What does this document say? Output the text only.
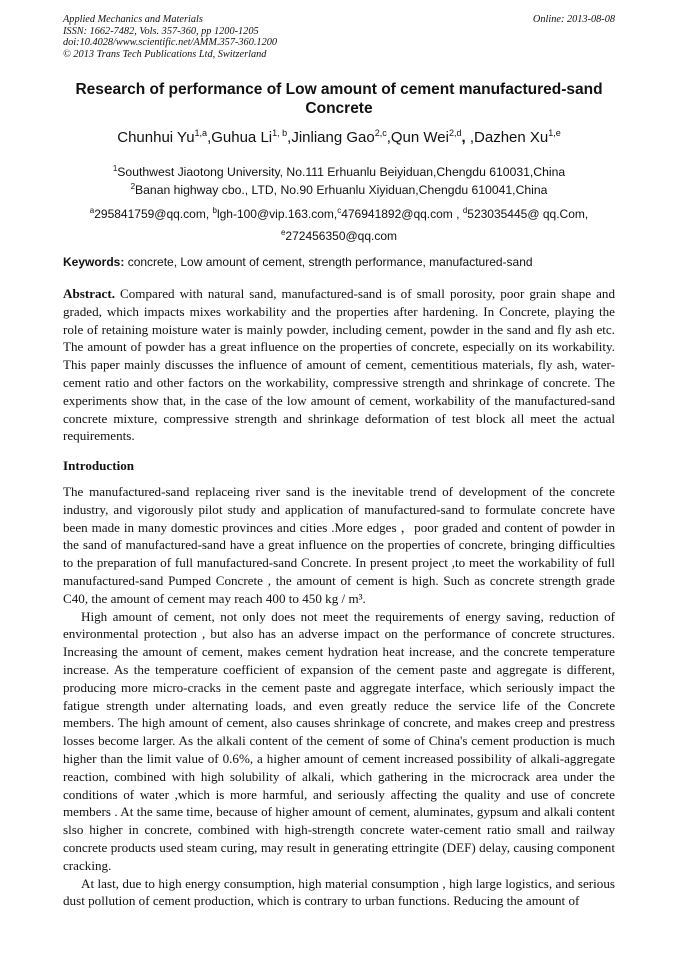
Applied Mechanics and Materials
ISSN: 1662-7482, Vols. 357-360, pp 1200-1205
doi:10.4028/www.scientific.net/AMM.357-360.1200
© 2013 Trans Tech Publications Ltd, Switzerland
Online: 2013-08-08
Research of performance of Low amount of cement manufactured-sand Concrete
Chunhui Yu$^{1,a}$,Guhua Li$^{1, b}$,Jinliang Gao$^{2,c}$,Qun Wei$^{2,d}$, ,Dazhen Xu$^{1,e}$
$^1$Southwest Jiaotong University, No.111 Erhuanlu Beiyiduan,Chengdu 610031,China
$^2$Banan highway cbo., LTD, No.90 Erhuanlu Xiyiduan,Chengdu 610041,China
$^a$295841759@qq.com, $^b$lgh-100@vip.163.com,$^c$476941892@qq.com , $^d$523035445@ qq.Com,
$^e$272456350@qq.com
Keywords: concrete, Low amount of cement, strength performance, manufactured-sand

Abstract. Compared with natural sand, manufactured-sand is of small porosity, poor grain shape and graded, which impacts mixes workability and the properties after hardening. In Concrete, playing the role of retaining moisture water is mainly powder, including cement, powder in the sand and fly ash etc. The amount of powder has a great influence on the properties of concrete, especially on its workability. This paper mainly discusses the influence of amount of cement, cementitious materials, fly ash, water-cement ratio and other factors on the workability, compressive strength and shrinkage of concrete. The experiments show that, in the case of the low amount of cement, workability of the manufactured-sand concrete mixture, compressive strength and shrinkage deformation of test block all meet the actual requirements.

Introduction

The manufactured-sand replaceing river sand is the inevitable trend of development of the concrete industry, and vigorously pilot study and application of manufactured-sand to formulate concrete have been made in many domestic provinces and cities .More edges ，poor graded and content of powder in the sand of manufactured-sand have a great influence on the properties of concrete, bringing difficulties to the preparation of full manufactured-sand Concrete. In present project ,to meet the workability of full manufactured-sand Pumped Concrete , the amount of cement is high. Such as concrete strength grade C40, the amount of cement may reach 400 to 450 kg / m³.

High amount of cement, not only does not meet the requirements of energy saving, reduction of environmental protection , but also has an adverse impact on the performance of concrete structures. Increasing the amount of cement, makes cement hydration heat increase, and the concrete temperature increase. As the temperature coefficient of expansion of the cement paste and aggregate is different, producing more micro-cracks in the cement paste and aggregate interface, which seriously impact the fatigue strength under alternating loads, and even greatly reduce the service life of the Concrete members. The high amount of cement, also causes shrinkage of concrete, and makes creep and prestress losses become larger. As the alkali content of the cement of some of China's cement production is much higher than the limit value of 0.6%, a higher amount of cement increased possibility of alkali-aggregate reaction, combined with high solubility of alkali, which gathering in the microcrack area under the conditions of water ,which is more harmful, and seriously affecting the quality and use of concrete members . At the same time, because of higher amount of cement, aluminates, gypsum and alkali content slso higher in concrete, combined with high-strength concrete water-cement ratio small and railway concrete products used steam curing, may result in generating ettringite (DEF) delay, causing component cracking.

At last, due to high energy consumption, high material consumption , high large logistics, and serious dust pollution of cement production, which is contrary to urban functions. Reducing the amount of
